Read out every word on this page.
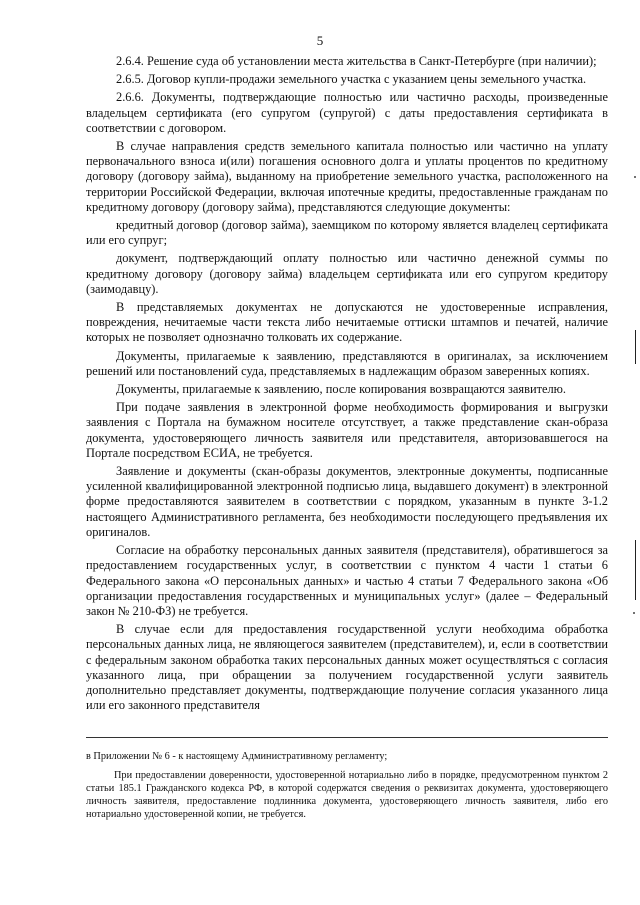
5

2.6.4. Решение суда об установлении места жительства в Санкт-Петербурге (при наличии);

2.6.5. Договор купли-продажи земельного участка с указанием цены земельного участка.

2.6.6. Документы, подтверждающие полностью или частично расходы, произведенные владельцем сертификата (его супругом (супругой) с даты предоставления сертификата в соответствии с договором.

В случае направления средств земельного капитала полностью или частично на уплату первоначального взноса и(или) погашения основного долга и уплаты процентов по кредитному договору (договору займа), выданному на приобретение земельного участка, расположенного на территории Российской Федерации, включая ипотечные кредиты, предоставленные гражданам по кредитному договору (договору займа), представляются следующие документы:

кредитный договор (договор займа), заемщиком по которому является владелец сертификата или его супруг;

документ, подтверждающий оплату полностью или частично денежной суммы по кредитному договору (договору займа) владельцем сертификата или его супругом кредитору (заимодавцу).

В представляемых документах не допускаются не удостоверенные исправления, повреждения, нечитаемые части текста либо нечитаемые оттиски штампов и печатей, наличие которых не позволяет однозначно толковать их содержание.

Документы, прилагаемые к заявлению, представляются в оригиналах, за исключением решений или постановлений суда, представляемых в надлежащим образом заверенных копиях.

Документы, прилагаемые к заявлению, после копирования возвращаются заявителю.

При подаче заявления в электронной форме необходимость формирования и выгрузки заявления с Портала на бумажном носителе отсутствует, а также представление скан-образа документа, удостоверяющего личность заявителя или представителя, авторизовавшегося на Портале посредством ЕСИА, не требуется.

Заявление и документы (скан-образы документов, электронные документы, подписанные усиленной квалифицированной электронной подписью лица, выдавшего документ) в электронной форме предоставляются заявителем в соответствии с порядком, указанным в пункте 3-1.2 настоящего Административного регламента, без необходимости последующего предъявления их оригиналов.

Согласие на обработку персональных данных заявителя (представителя), обратившегося за предоставлением государственных услуг, в соответствии с пунктом 4 части 1 статьи 6 Федерального закона «О персональных данных» и частью 4 статьи 7 Федерального закона «Об организации предоставления государственных и муниципальных услуг» (далее – Федеральный закон № 210-ФЗ) не требуется.

В случае если для предоставления государственной услуги необходима обработка персональных данных лица, не являющегося заявителем (представителем), и, если в соответствии с федеральным законом обработка таких персональных данных может осуществляться с согласия указанного лица, при обращении за получением государственной услуги заявитель дополнительно представляет документы, подтверждающие получение согласия указанного лица или его законного представителя

в Приложении № 6 - к настоящему Административному регламенту;

При предоставлении доверенности, удостоверенной нотариально либо в порядке, предусмотренном пунктом 2 статьи 185.1 Гражданского кодекса РФ, в которой содержатся сведения о реквизитах документа, удостоверяющего личность заявителя, предоставление подлинника документа, удостоверяющего личность заявителя, либо его нотариально удостоверенной копии, не требуется.
